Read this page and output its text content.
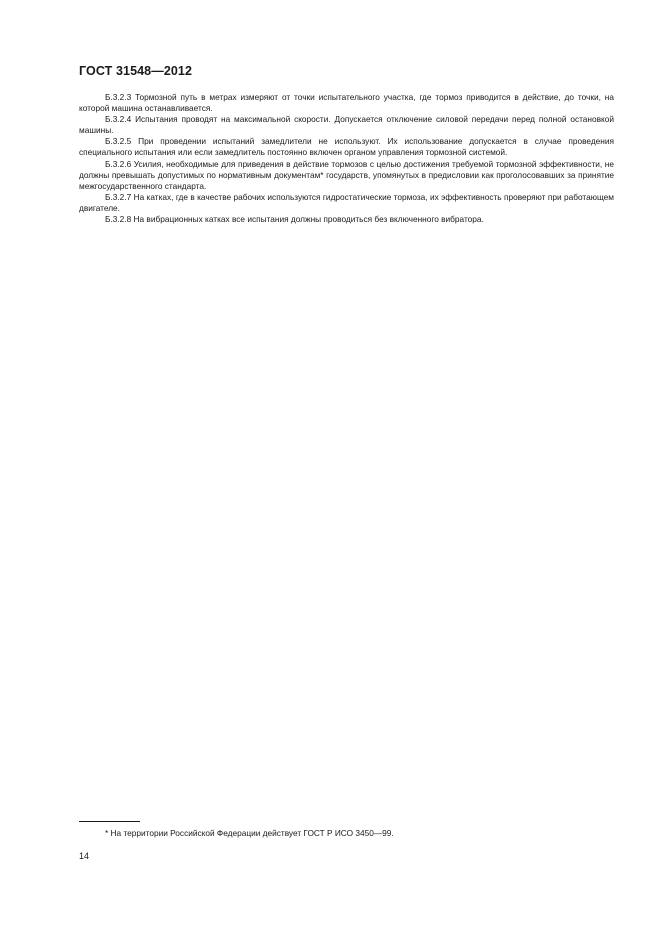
ГОСТ 31548—2012

Б.3.2.3 Тормозной путь в метрах измеряют от точки испытательного участка, где тормоз приводится в действие, до точки, на которой машина останавливается.

Б.3.2.4 Испытания проводят на максимальной скорости. Допускается отключение силовой передачи перед полной остановкой машины.

Б.3.2.5 При проведении испытаний замедлители не используют. Их использование допускается в случае проведения специального испытания или если замедлитель постоянно включен органом управления тормозной системой.

Б.3.2.6 Усилия, необходимые для приведения в действие тормозов с целью достижения требуемой тормозной эффективности, не должны превышать допустимых по нормативным документам* государств, упомянутых в предисловии как проголосовавших за принятие межгосударственного стандарта.

Б.3.2.7 На катках, где в качестве рабочих используются гидростатические тормоза, их эффективность проверяют при работающем двигателе.

Б.3.2.8 На вибрационных катках все испытания должны проводиться без включенного вибратора.

* На территории Российской Федерации действует ГОСТ Р ИСО 3450—99.
14
